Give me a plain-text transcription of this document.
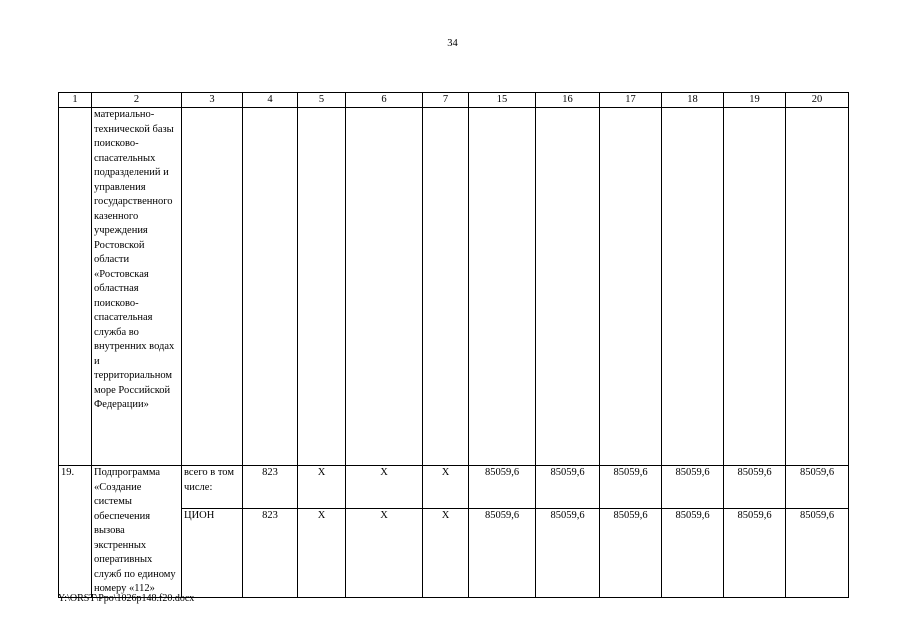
34
1	2	3	4	5	6	7	15	16	17	18	19	20
	материально-технической базы поисково-спасательных подразделений и управления государственного казенного учреждения Ростовской области «Ростовская областная поисково-спасательная служба во внутренних водах и территориальном море Российской Федерации»											
19.	Подпрограмма «Создание системы обеспечения вызова экстренных оперативных служб по единому номеру «112»	всего в том числе:	823	Х	Х	Х	85059,6	85059,6	85059,6	85059,6	85059,6	85059,6
		ЦИОН	823	Х	Х	Х	85059,6	85059,6	85059,6	85059,6	85059,6	85059,6
Y:\ORST\Ppo\1026p148.f20.docx
